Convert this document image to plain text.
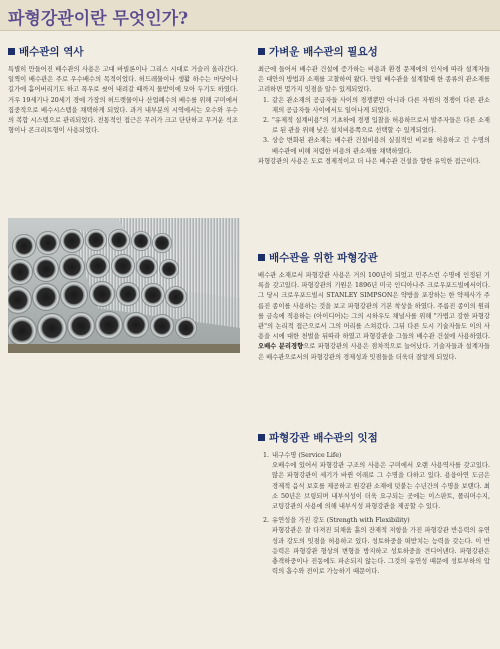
파형강관이란 무엇인가?
배수관의 역사

특별히 만들어진 배수관의 사용은 고대 바빌론이나 그리스 시대로 거슬러 올라간다. 일찍이 배수관은 주로 우수배수의 목적이었다. 허드레물이나 생활 하수는 마당이나 길가에 흩어버리기도 하고 폭우로 씻어 내려갈 때까지 물받이에 모아 두기도 하였다. 거우 19세기나 20세기 경에 가장의 허드렛물이나 산업폐수의 배수를 위해 구미에서 집중적으로 배수시스템을 채택하게 되었다. 과거 내부분의 시역에서는 오수와 우수의 복합 시스템으로 관리되었다. 전통적인 접근은 무러가 크고 단단하고 무거운 석조형이나 콘크리트형이 사용되었다.

가벼운 배수관의 필요성

최근에 들어서 배수관 건설에 증가하는 비용과 환경 문제에의 인식에 따라 설계자들은 대안의 방법과 소재를 고찰하여 왔다. 만일 배수관을 설계할때 한 종류의 관소재를 고려하면 몇가지 잇점을 알수 있게되었다.

1. 같은 관소재의 공급자들 사이의 경쟁뿐만 아니라 다른 자원의 경쟁이 다른 관소재의 공급자들 사이에서도 일어나게 되었다.
2. "유제적 설계비용"의 기초하에 경쟁 입찰을 허용하므로서 발주자들은 다른 소재로 된 관을 위해 낮은 설치비용쪽으로 선택할 수 있게되었다.
3. 상승 변화된 관소재는 배수관 건설비용의 실질적인 비교를 허용하고 긴 수명의 배수관에 비해 저렴한 비용의 관소재를 채택하였다.

파형강관의 사용은 도로 경제적이고 더 나은 배수관 건설을 향한 유익한 접근이다.

배수관을 위한 파형강관

배수관 소재로서 파형강관 사용은 거의 100년이 되었고 민주스런 수명에 인정된 기록을 갖고있다. 파형강관의 기원은 1896년 미국 인디아나주 크로우포드빌에서이다. 그 당시 크로우포드빌시 STANLEY SIMPSON은 약방을 포장하는 한 약제사가 주름진 종이를 사용하는 것을 보고 파형강관의 기본 착상을 하였다. 주름진 종이의 원리를 금속에 적용하는 (아이디어)는 그의 시하우도 채널사를 위해 "가볍고 강한 파형강관"의 논리적 접근으로서 그의 머리를 스쳐갔다. 그뒤 다른 도시 기술자들도 이의 사용을 시에 대한 천벌을 뒤따라 하였고 파형강관을 그들의 배수관 건설에 사용하였다. 오배수 분리경향으로 파형강관의 사용은 점차적으로 늘어났다. 기술자들과 설계자들은 배수관으로서의 파형강관의 경제성과 잇점들을 더욱더 잘알게 되었다.

파형강관 배수관의 잇점
1. 내구수명 (Service Life)
오배수에 있어서 파형강관 구조의 사용은 구미에서 오랜 사용역사를 갖고있다. 많은 파형강관이 세기가 바뀐 이래로 그 수명을 다하고 있다. 용융아연 도금은 경제적 음식 보호를 제공하고 원강관 소재에 덧붙는 수년간의 수명을 보탠다. 최소 50년은 브링되며 내부식성이 더욱 요구되는 곳에는 이스판트, 폴리머수지, 코팅강관의 사용에 의해 내부식성 파형강관을 제공할 수 있다.
2. 유연성을 가진 강도 (Strength with Flexibility)
파형강관은 잘 다져진 되채움 흙의 잔재적 저항을 가진 파형강관 반응력의 유연성과 강도의 잇점을 허용하고 있다. 성토하중을 떠받치는 능력을 갖는다. 이 반응력은 파형강관 형상의 변형을 방지하고 성토하중을 견디어낸다. 파형강관은 충격하중이나 진동에도 파손되지 않는다. 그것의 유연성 때문에 성토부하의 압력의 흡수와 전이로 가능하기 때문이다.
